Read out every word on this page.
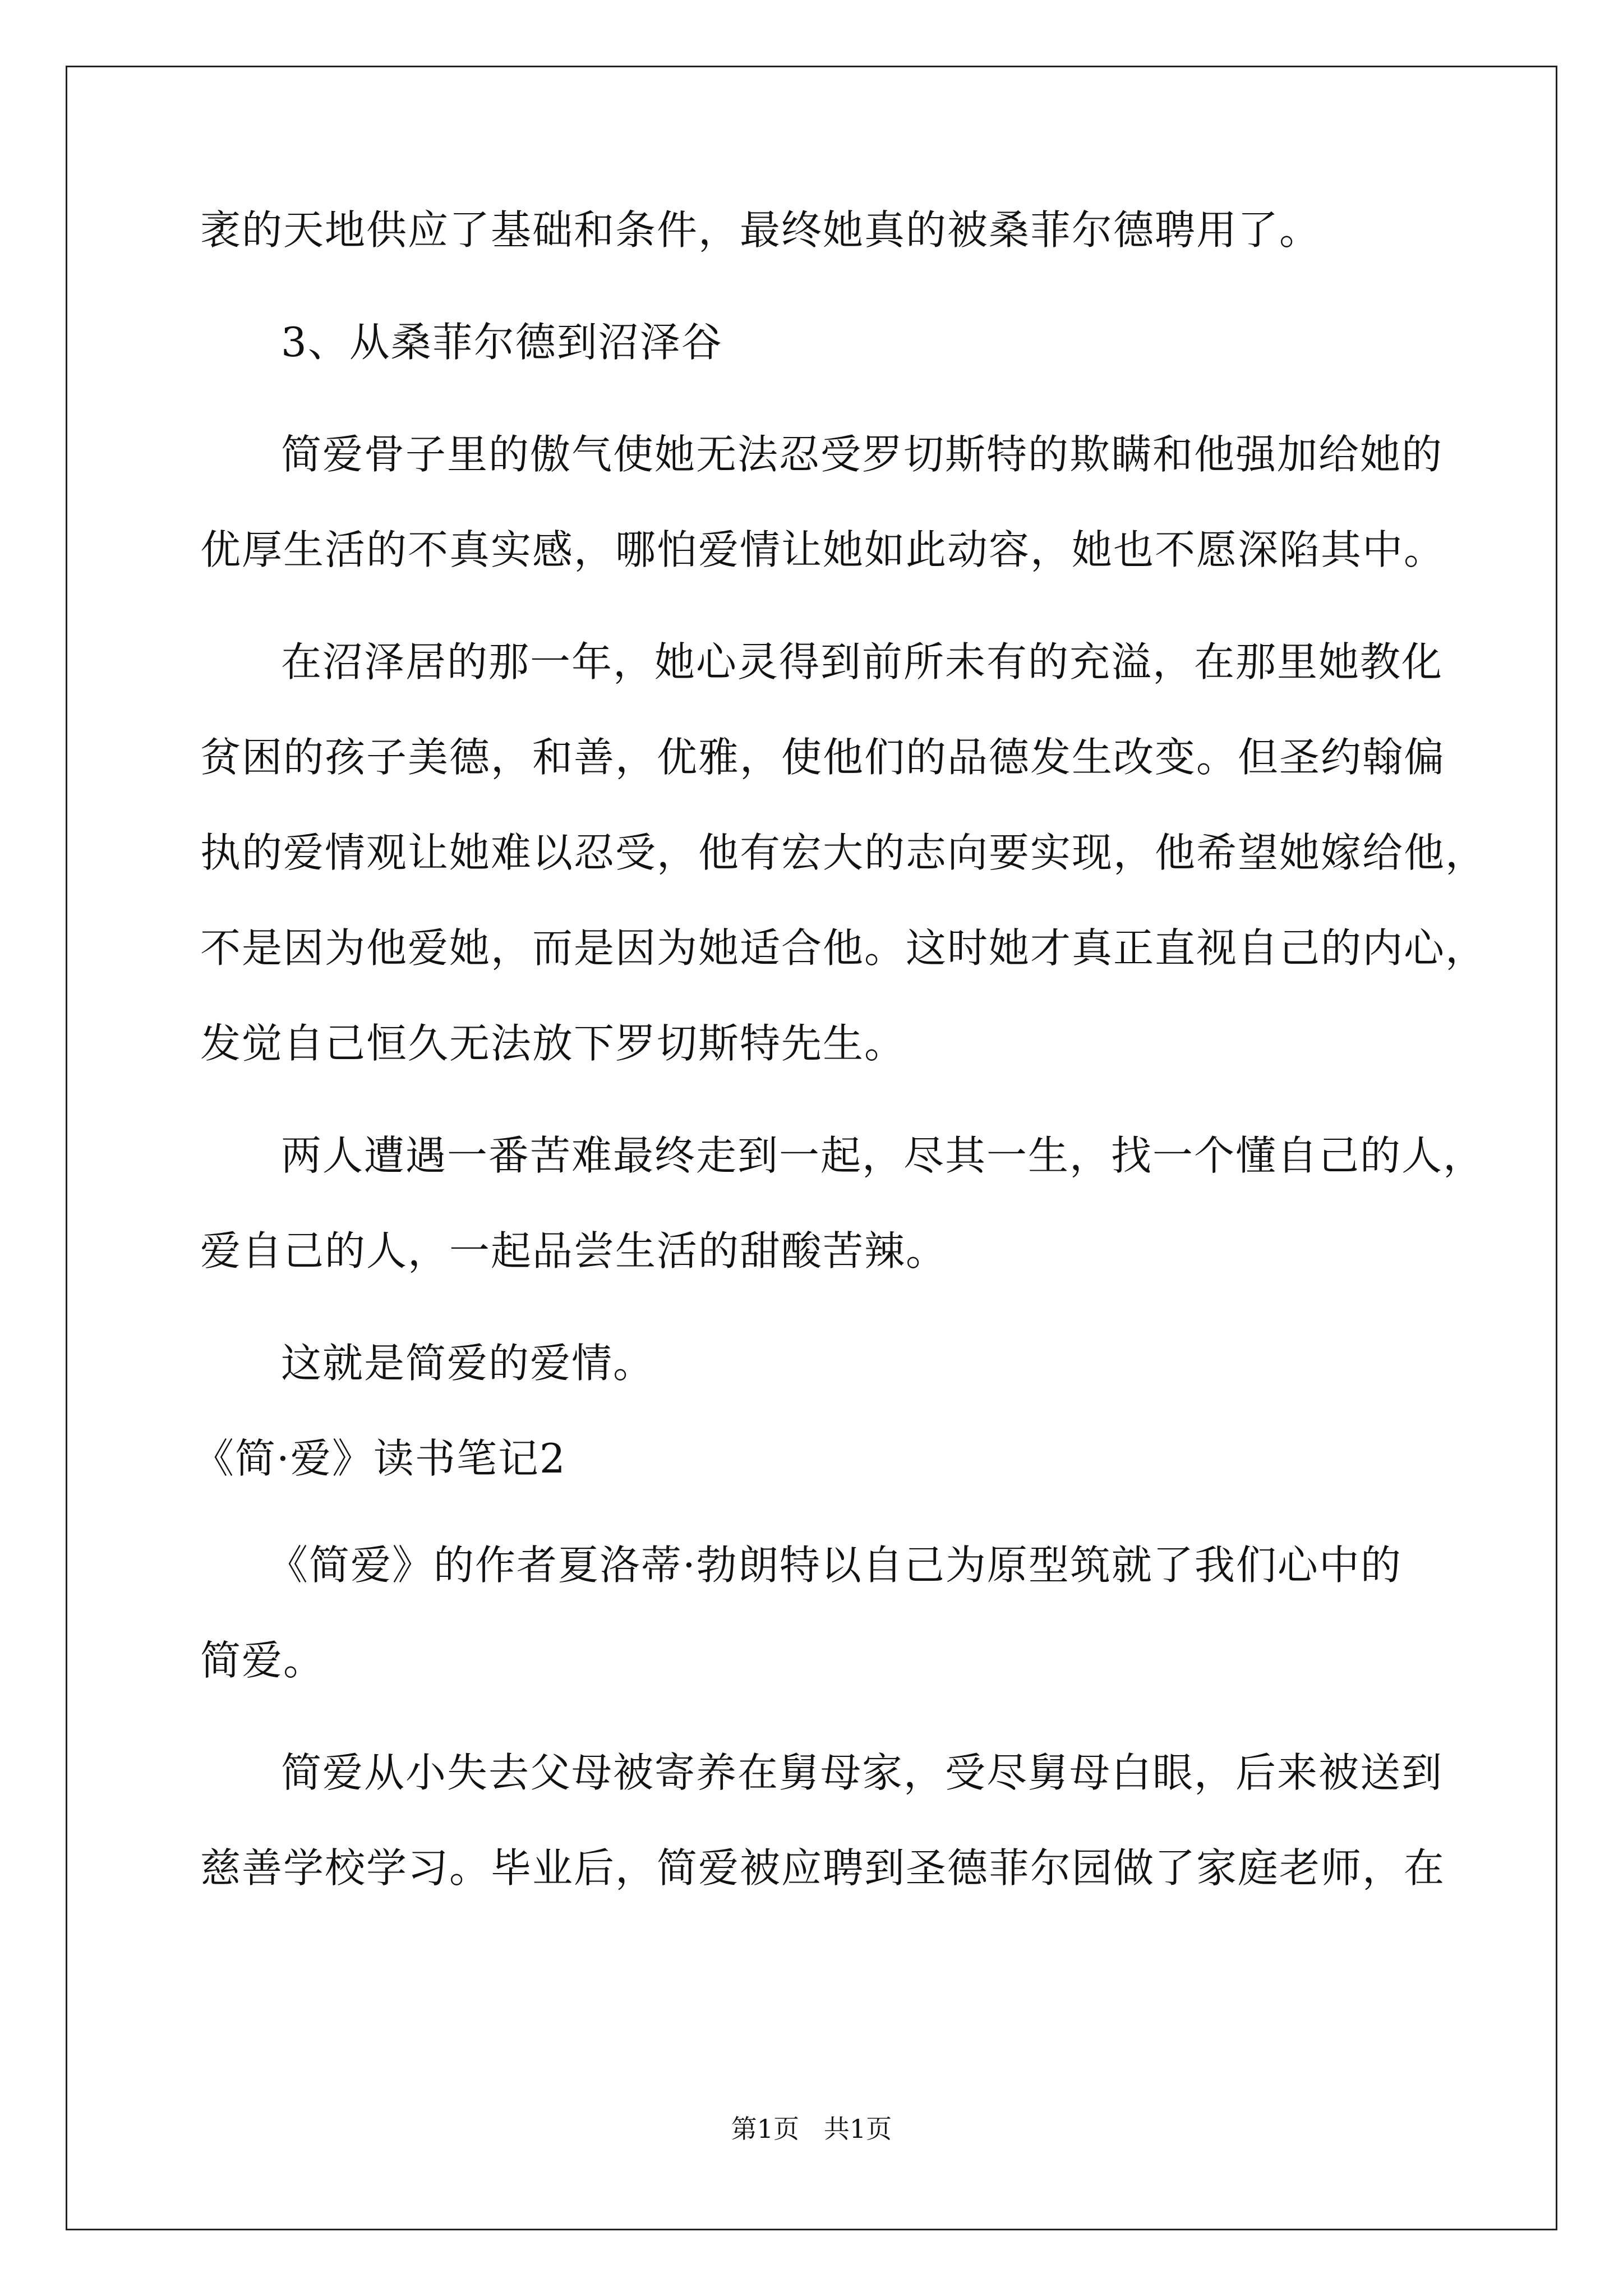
袤的天地供应了基础和条件，最终她真的被桑菲尔德聘用了。
3、从桑菲尔德到沼泽谷
简爱骨子里的傲气使她无法忍受罗切斯特的欺瞒和他强加给她的
优厚生活的不真实感，哪怕爱情让她如此动容，她也不愿深陷其中。
在沼泽居的那一年，她心灵得到前所未有的充溢，在那里她教化
贫困的孩子美德，和善，优雅，使他们的品德发生改变。但圣约翰偏
执的爱情观让她难以忍受，他有宏大的志向要实现，他希望她嫁给他，
不是因为他爱她，而是因为她适合他。这时她才真正直视自己的内心，
发觉自己恒久无法放下罗切斯特先生。
两人遭遇一番苦难最终走到一起，尽其一生，找一个懂自己的人，
爱自己的人，一起品尝生活的甜酸苦辣。
这就是简爱的爱情。
《简·爱》读书笔记2
《简爱》的作者夏洛蒂·勃朗特以自己为原型筑就了我们心中的
简爱。
简爱从小失去父母被寄养在舅母家，受尽舅母白眼，后来被送到
慈善学校学习。毕业后，简爱被应聘到圣德菲尔园做了家庭老师，在
第1页   共1页
